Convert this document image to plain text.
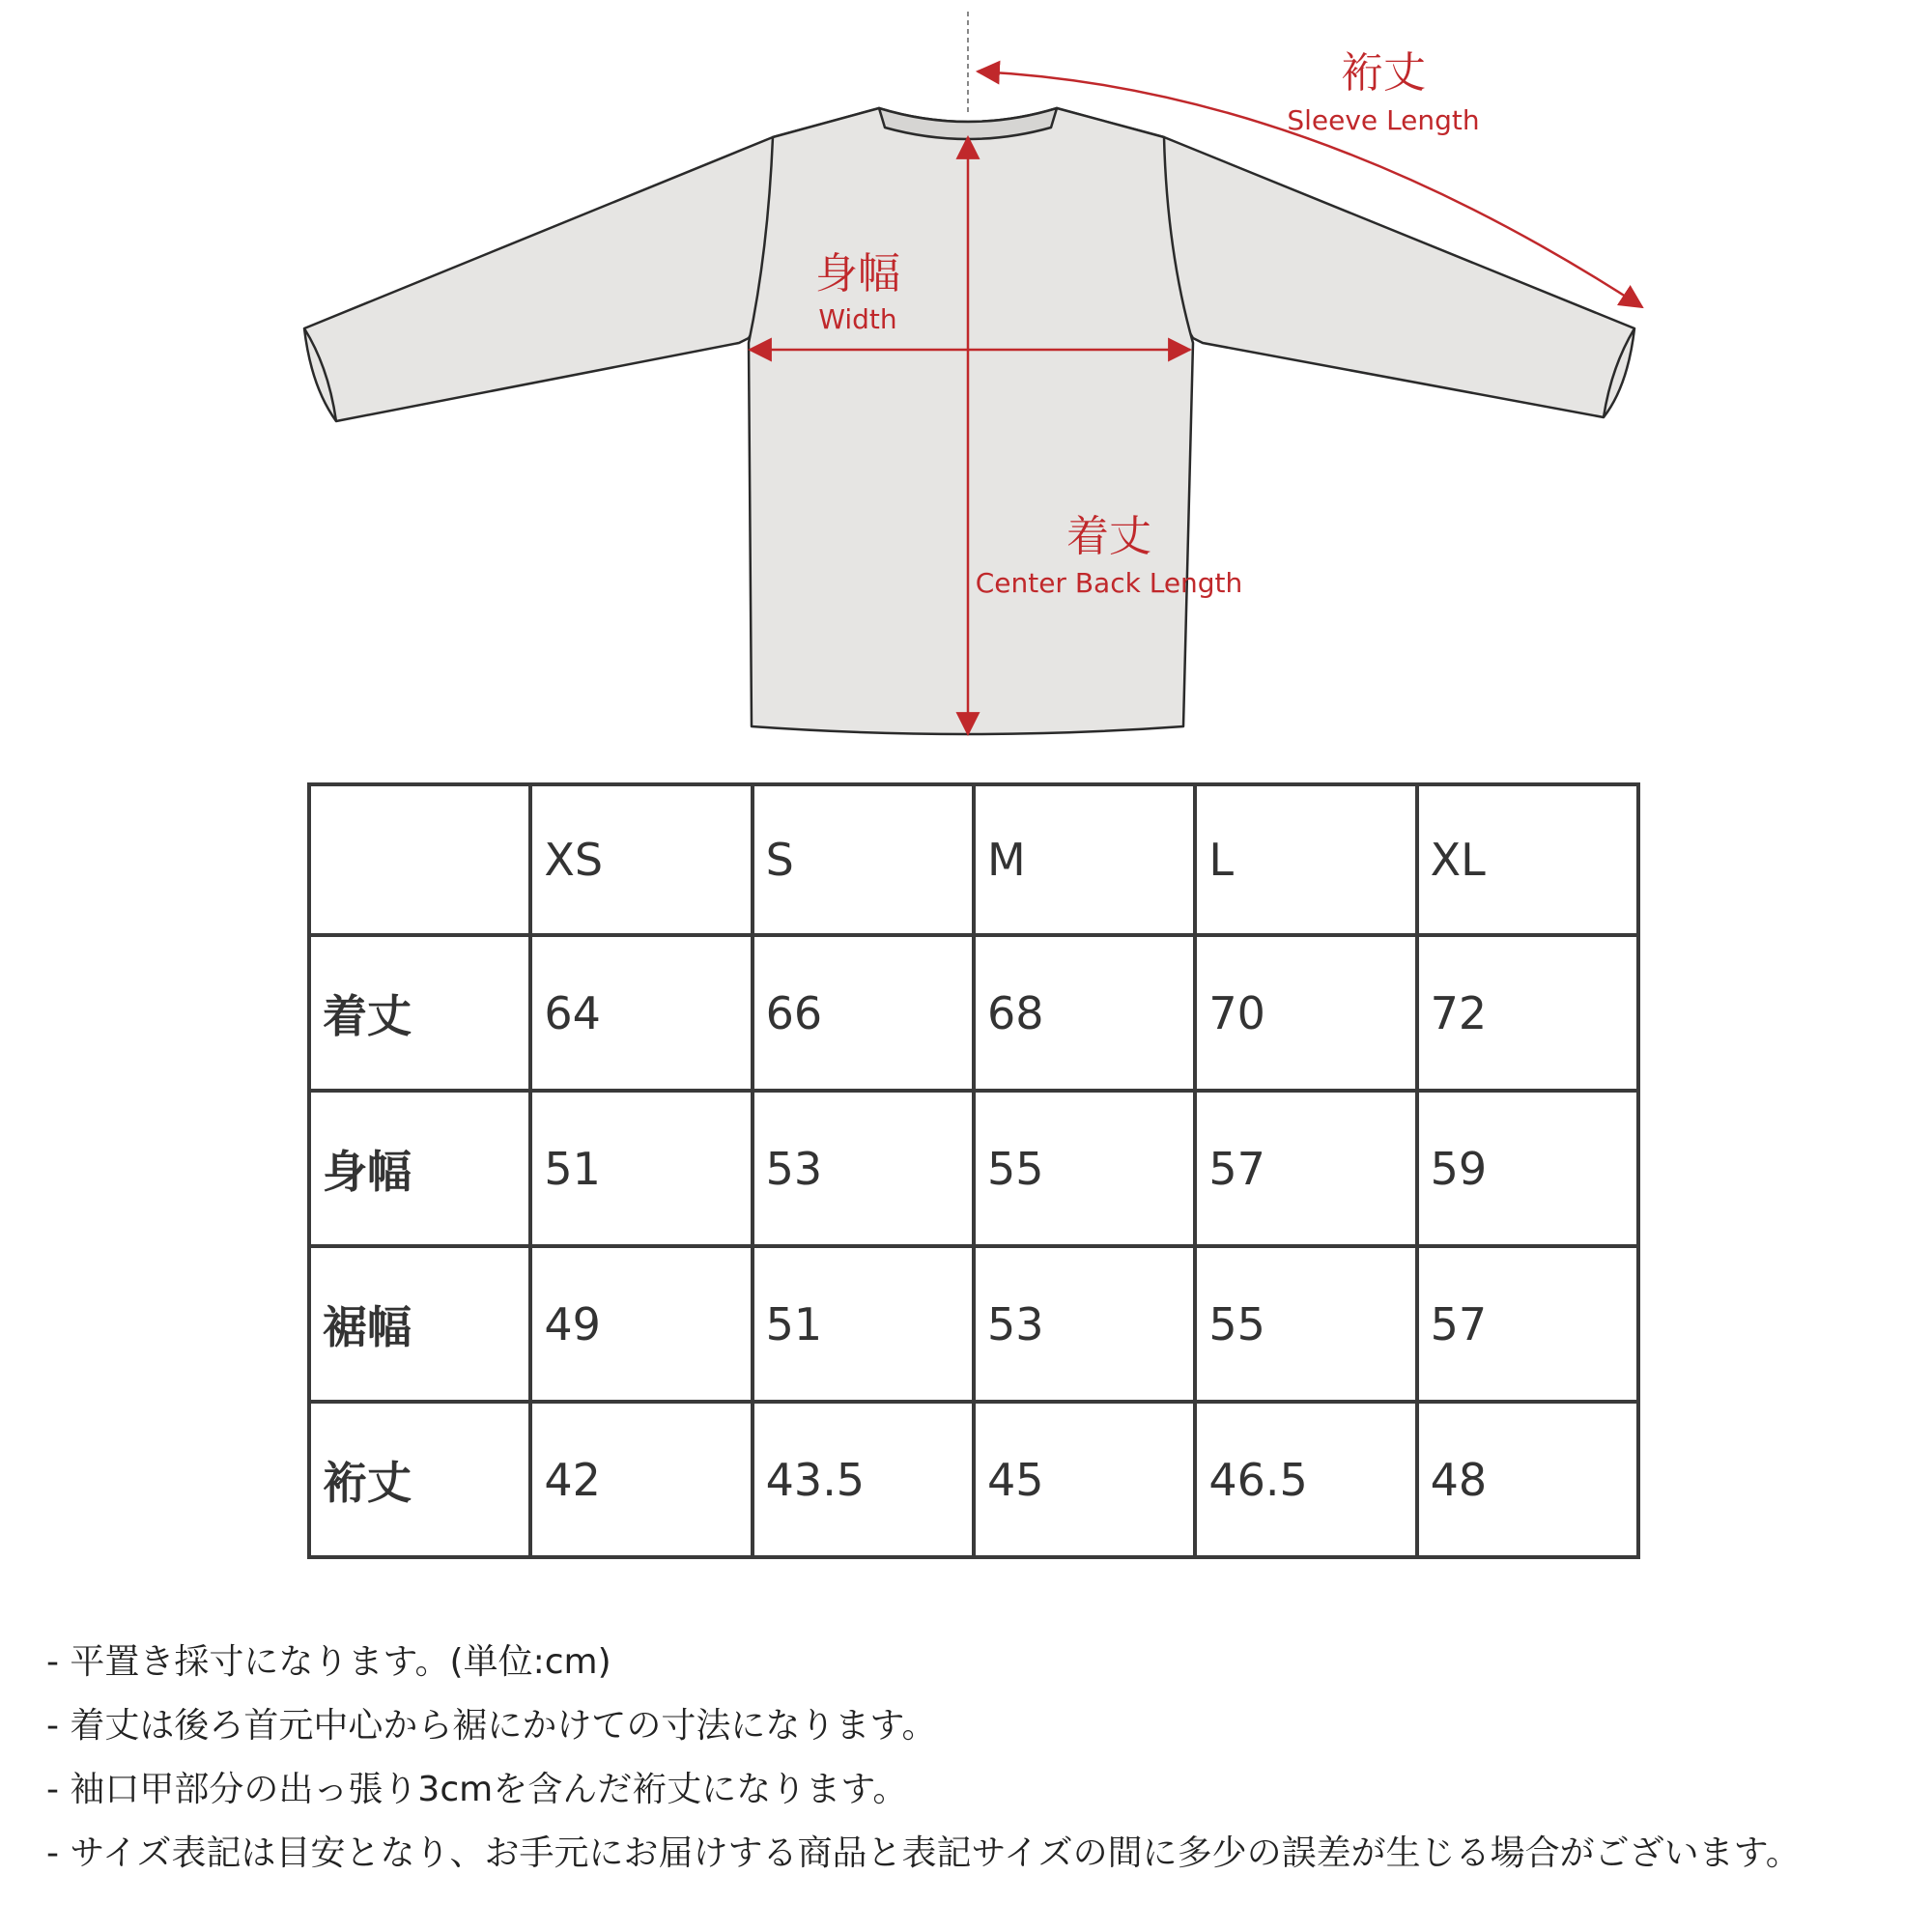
裄丈
Sleeve Length
身幅
Width
着丈
Center Back Length
	XS	S	M	L	XL
着丈	64	66	68	70	72
身幅	51	53	55	57	59
裾幅	49	51	53	55	57
裄丈	42	43.5	45	46.5	48
- 平置き採寸になります。(単位:cm)
- 着丈は後ろ首元中心から裾にかけての寸法になります。
- 袖口甲部分の出っ張り3cmを含んだ裄丈になります。
- サイズ表記は目安となり、お手元にお届けする商品と表記サイズの間に多少の誤差が生じる場合がございます。
